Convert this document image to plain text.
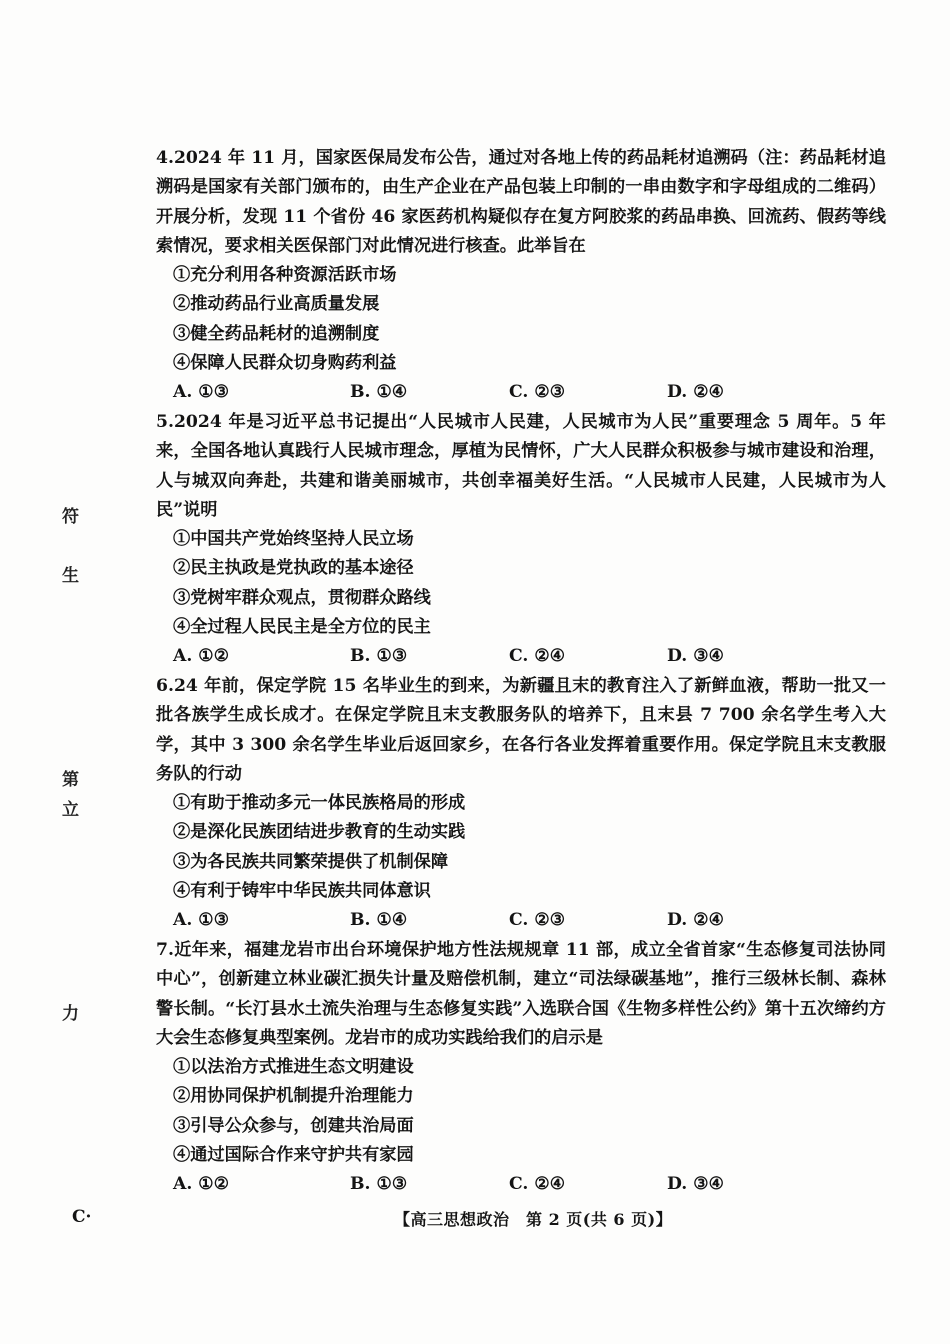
符
生
第
立
力
4.2024 年 11 月，国家医保局发布公告，通过对各地上传的药品耗材追溯码（注：药品耗材追溯码是国家有关部门颁布的，由生产企业在产品包装上印制的一串由数字和字母组成的二维码）开展分析，发现 11 个省份 46 家医药机构疑似存在复方阿胶浆的药品串换、回流药、假药等线索情况，要求相关医保部门对此情况进行核查。此举旨在
①充分利用各种资源活跃市场
②推动药品行业高质量发展
③健全药品耗材的追溯制度
④保障人民群众切身购药利益
A. ①③	B. ①④	C. ②③	D. ②④
5.2024 年是习近平总书记提出“人民城市人民建，人民城市为人民”重要理念 5 周年。5 年来，全国各地认真践行人民城市理念，厚植为民情怀，广大人民群众积极参与城市建设和治理，人与城双向奔赴，共建和谐美丽城市，共创幸福美好生活。“人民城市人民建，人民城市为人民”说明
①中国共产党始终坚持人民立场
②民主执政是党执政的基本途径
③党树牢群众观点，贯彻群众路线
④全过程人民民主是全方位的民主
A. ①②	B. ①③	C. ②④	D. ③④
6.24 年前，保定学院 15 名毕业生的到来，为新疆且末的教育注入了新鲜血液，帮助一批又一批各族学生成长成才。在保定学院且末支教服务队的培养下，且末县 7 700 余名学生考入大学，其中 3 300 余名学生毕业后返回家乡，在各行各业发挥着重要作用。保定学院且末支教服务队的行动
①有助于推动多元一体民族格局的形成
②是深化民族团结进步教育的生动实践
③为各民族共同繁荣提供了机制保障
④有利于铸牢中华民族共同体意识
A. ①③	B. ①④	C. ②③	D. ②④
7.近年来，福建龙岩市出台环境保护地方性法规规章 11 部，成立全省首家“生态修复司法协同中心”，创新建立林业碳汇损失计量及赔偿机制，建立“司法绿碳基地”，推行三级林长制、森林警长制。“长汀县水土流失治理与生态修复实践”入选联合国《生物多样性公约》第十五次缔约方大会生态修复典型案例。龙岩市的成功实践给我们的启示是
①以法治方式推进生态文明建设
②用协同保护机制提升治理能力
③引导公众参与，创建共治局面
④通过国际合作来守护共有家园
A. ①②	B. ①③	C. ②④	D. ③④
C·	【高三思想政治　第 2 页(共 6 页)】
